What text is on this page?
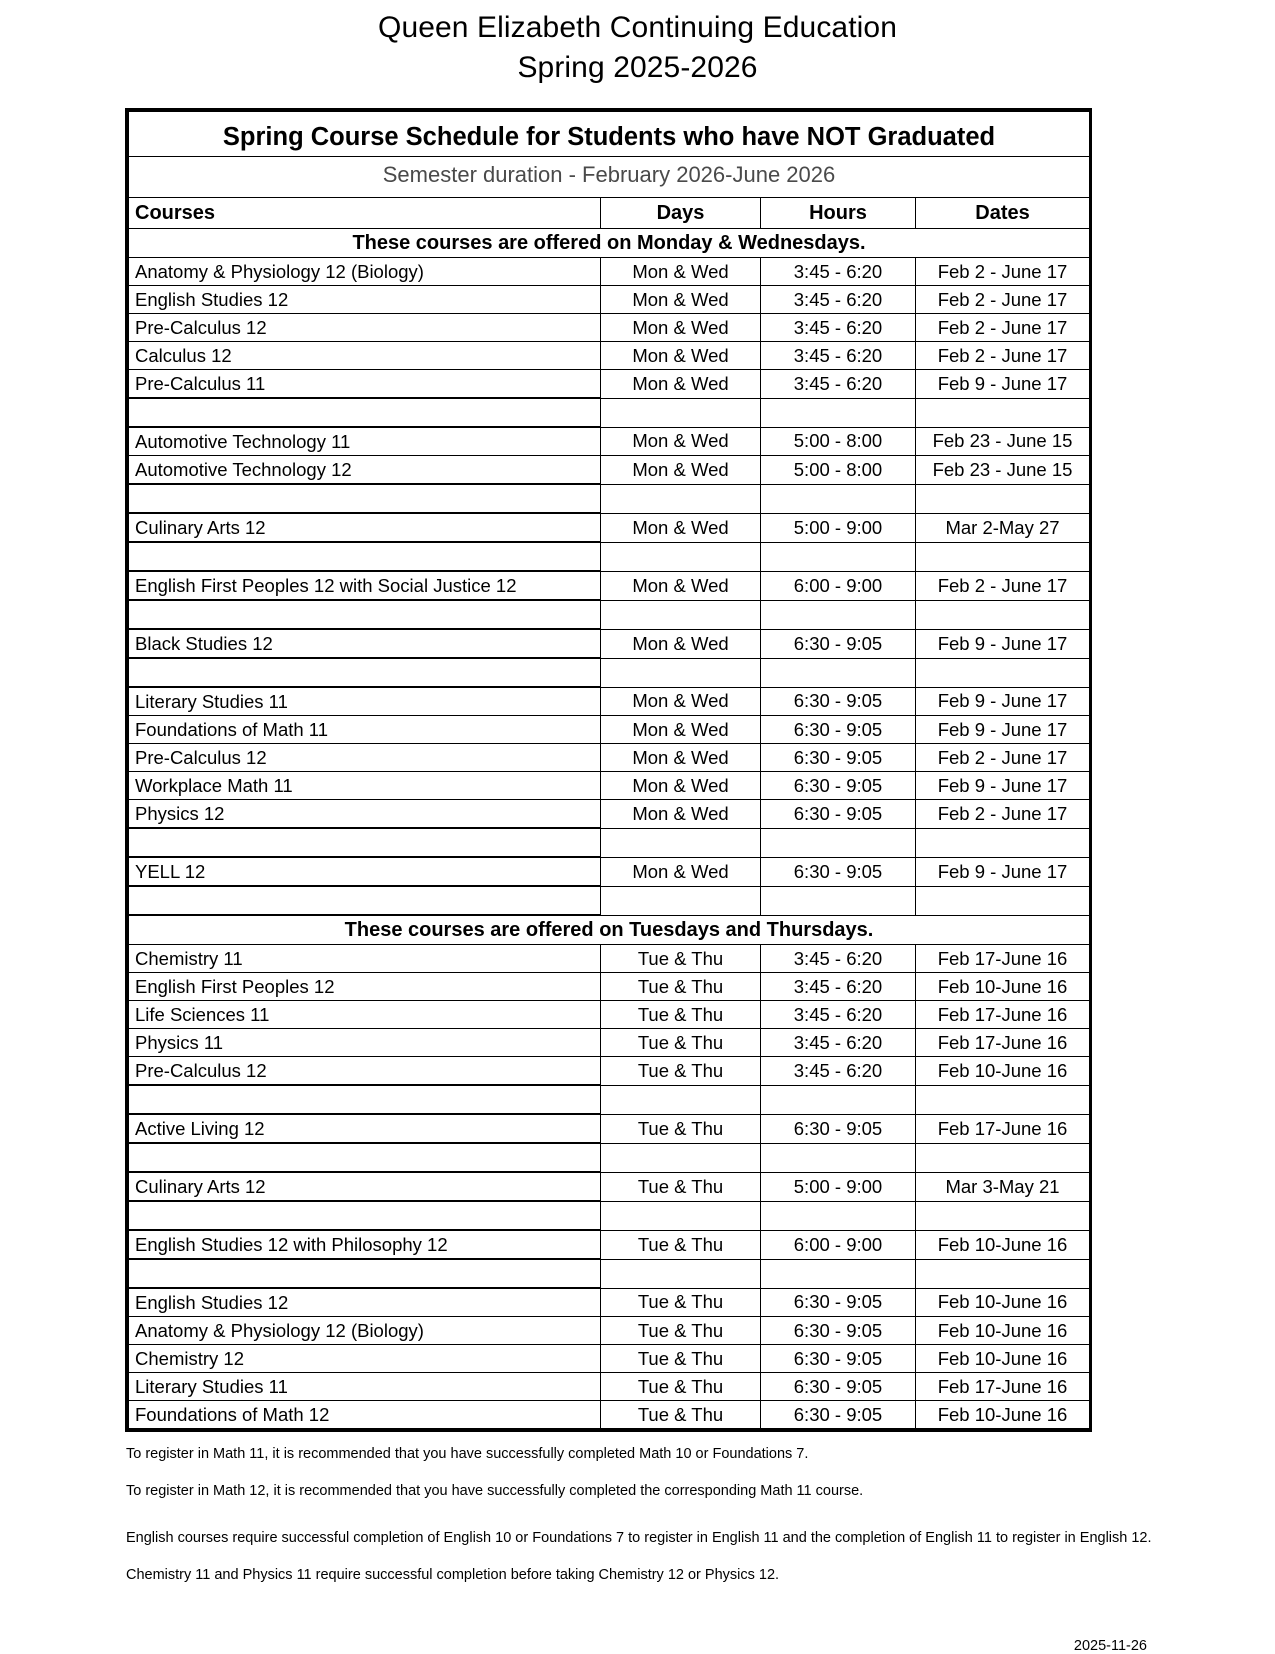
Queen Elizabeth Continuing Education
Spring 2025-2026
Spring Course Schedule for Students who have NOT Graduated			
Semester duration - February 2026-June 2026			
Courses	Days	Hours	Dates
These courses are offered on Monday & Wednesdays.			
Anatomy & Physiology 12 (Biology)	Mon & Wed	3:45 - 6:20	Feb 2 - June 17
English Studies 12	Mon & Wed	3:45 - 6:20	Feb 2 - June 17
Pre-Calculus 12	Mon & Wed	3:45 - 6:20	Feb 2 - June 17
Calculus 12	Mon & Wed	3:45 - 6:20	Feb 2 - June 17
Pre-Calculus 11	Mon & Wed	3:45 - 6:20	Feb 9 - June 17

Automotive Technology 11	Mon & Wed	5:00 - 8:00	Feb 23 - June 15
Automotive Technology 12	Mon & Wed	5:00 - 8:00	Feb 23 - June 15

Culinary Arts 12	Mon & Wed	5:00 - 9:00	Mar 2-May 27

English First Peoples 12 with Social Justice 12	Mon & Wed	6:00 - 9:00	Feb 2 - June 17

Black Studies 12	Mon & Wed	6:30 - 9:05	Feb 9 - June 17

Literary Studies 11	Mon & Wed	6:30 - 9:05	Feb 9 - June 17
Foundations of Math 11	Mon & Wed	6:30 - 9:05	Feb 9 - June 17
Pre-Calculus 12	Mon & Wed	6:30 - 9:05	Feb 2 - June 17
Workplace Math 11	Mon & Wed	6:30 - 9:05	Feb 9 - June 17
Physics 12	Mon & Wed	6:30 - 9:05	Feb 2 - June 17

YELL 12	Mon & Wed	6:30 - 9:05	Feb 9 - June 17

These courses are offered on Tuesdays and Thursdays.			
Chemistry 11	Tue & Thu	3:45 - 6:20	Feb 17-June 16
English First Peoples 12	Tue & Thu	3:45 - 6:20	Feb 10-June 16
Life Sciences 11	Tue & Thu	3:45 - 6:20	Feb 17-June 16
Physics 11	Tue & Thu	3:45 - 6:20	Feb 17-June 16
Pre-Calculus 12	Tue & Thu	3:45 - 6:20	Feb 10-June 16

Active Living 12	Tue & Thu	6:30 - 9:05	Feb 17-June 16

Culinary Arts 12	Tue & Thu	5:00 - 9:00	Mar 3-May 21

English Studies 12 with Philosophy 12	Tue & Thu	6:00 - 9:00	Feb 10-June 16

English Studies 12	Tue & Thu	6:30 - 9:05	Feb 10-June 16
Anatomy & Physiology 12 (Biology)	Tue & Thu	6:30 - 9:05	Feb 10-June 16
Chemistry 12	Tue & Thu	6:30 - 9:05	Feb 10-June 16
Literary Studies 11	Tue & Thu	6:30 - 9:05	Feb 17-June 16
Foundations of Math 12	Tue & Thu	6:30 - 9:05	Feb 10-June 16
To register in Math 11, it is recommended that you have successfully completed Math 10 or Foundations 7.
To register in Math 12, it is recommended that you have successfully completed the corresponding Math 11 course.
English courses require successful completion of English 10 or Foundations 7 to register in English 11 and the completion of English 11 to register in English 12.
Chemistry 11 and Physics 11 require successful completion before taking Chemistry 12 or Physics 12.
2025-11-26
